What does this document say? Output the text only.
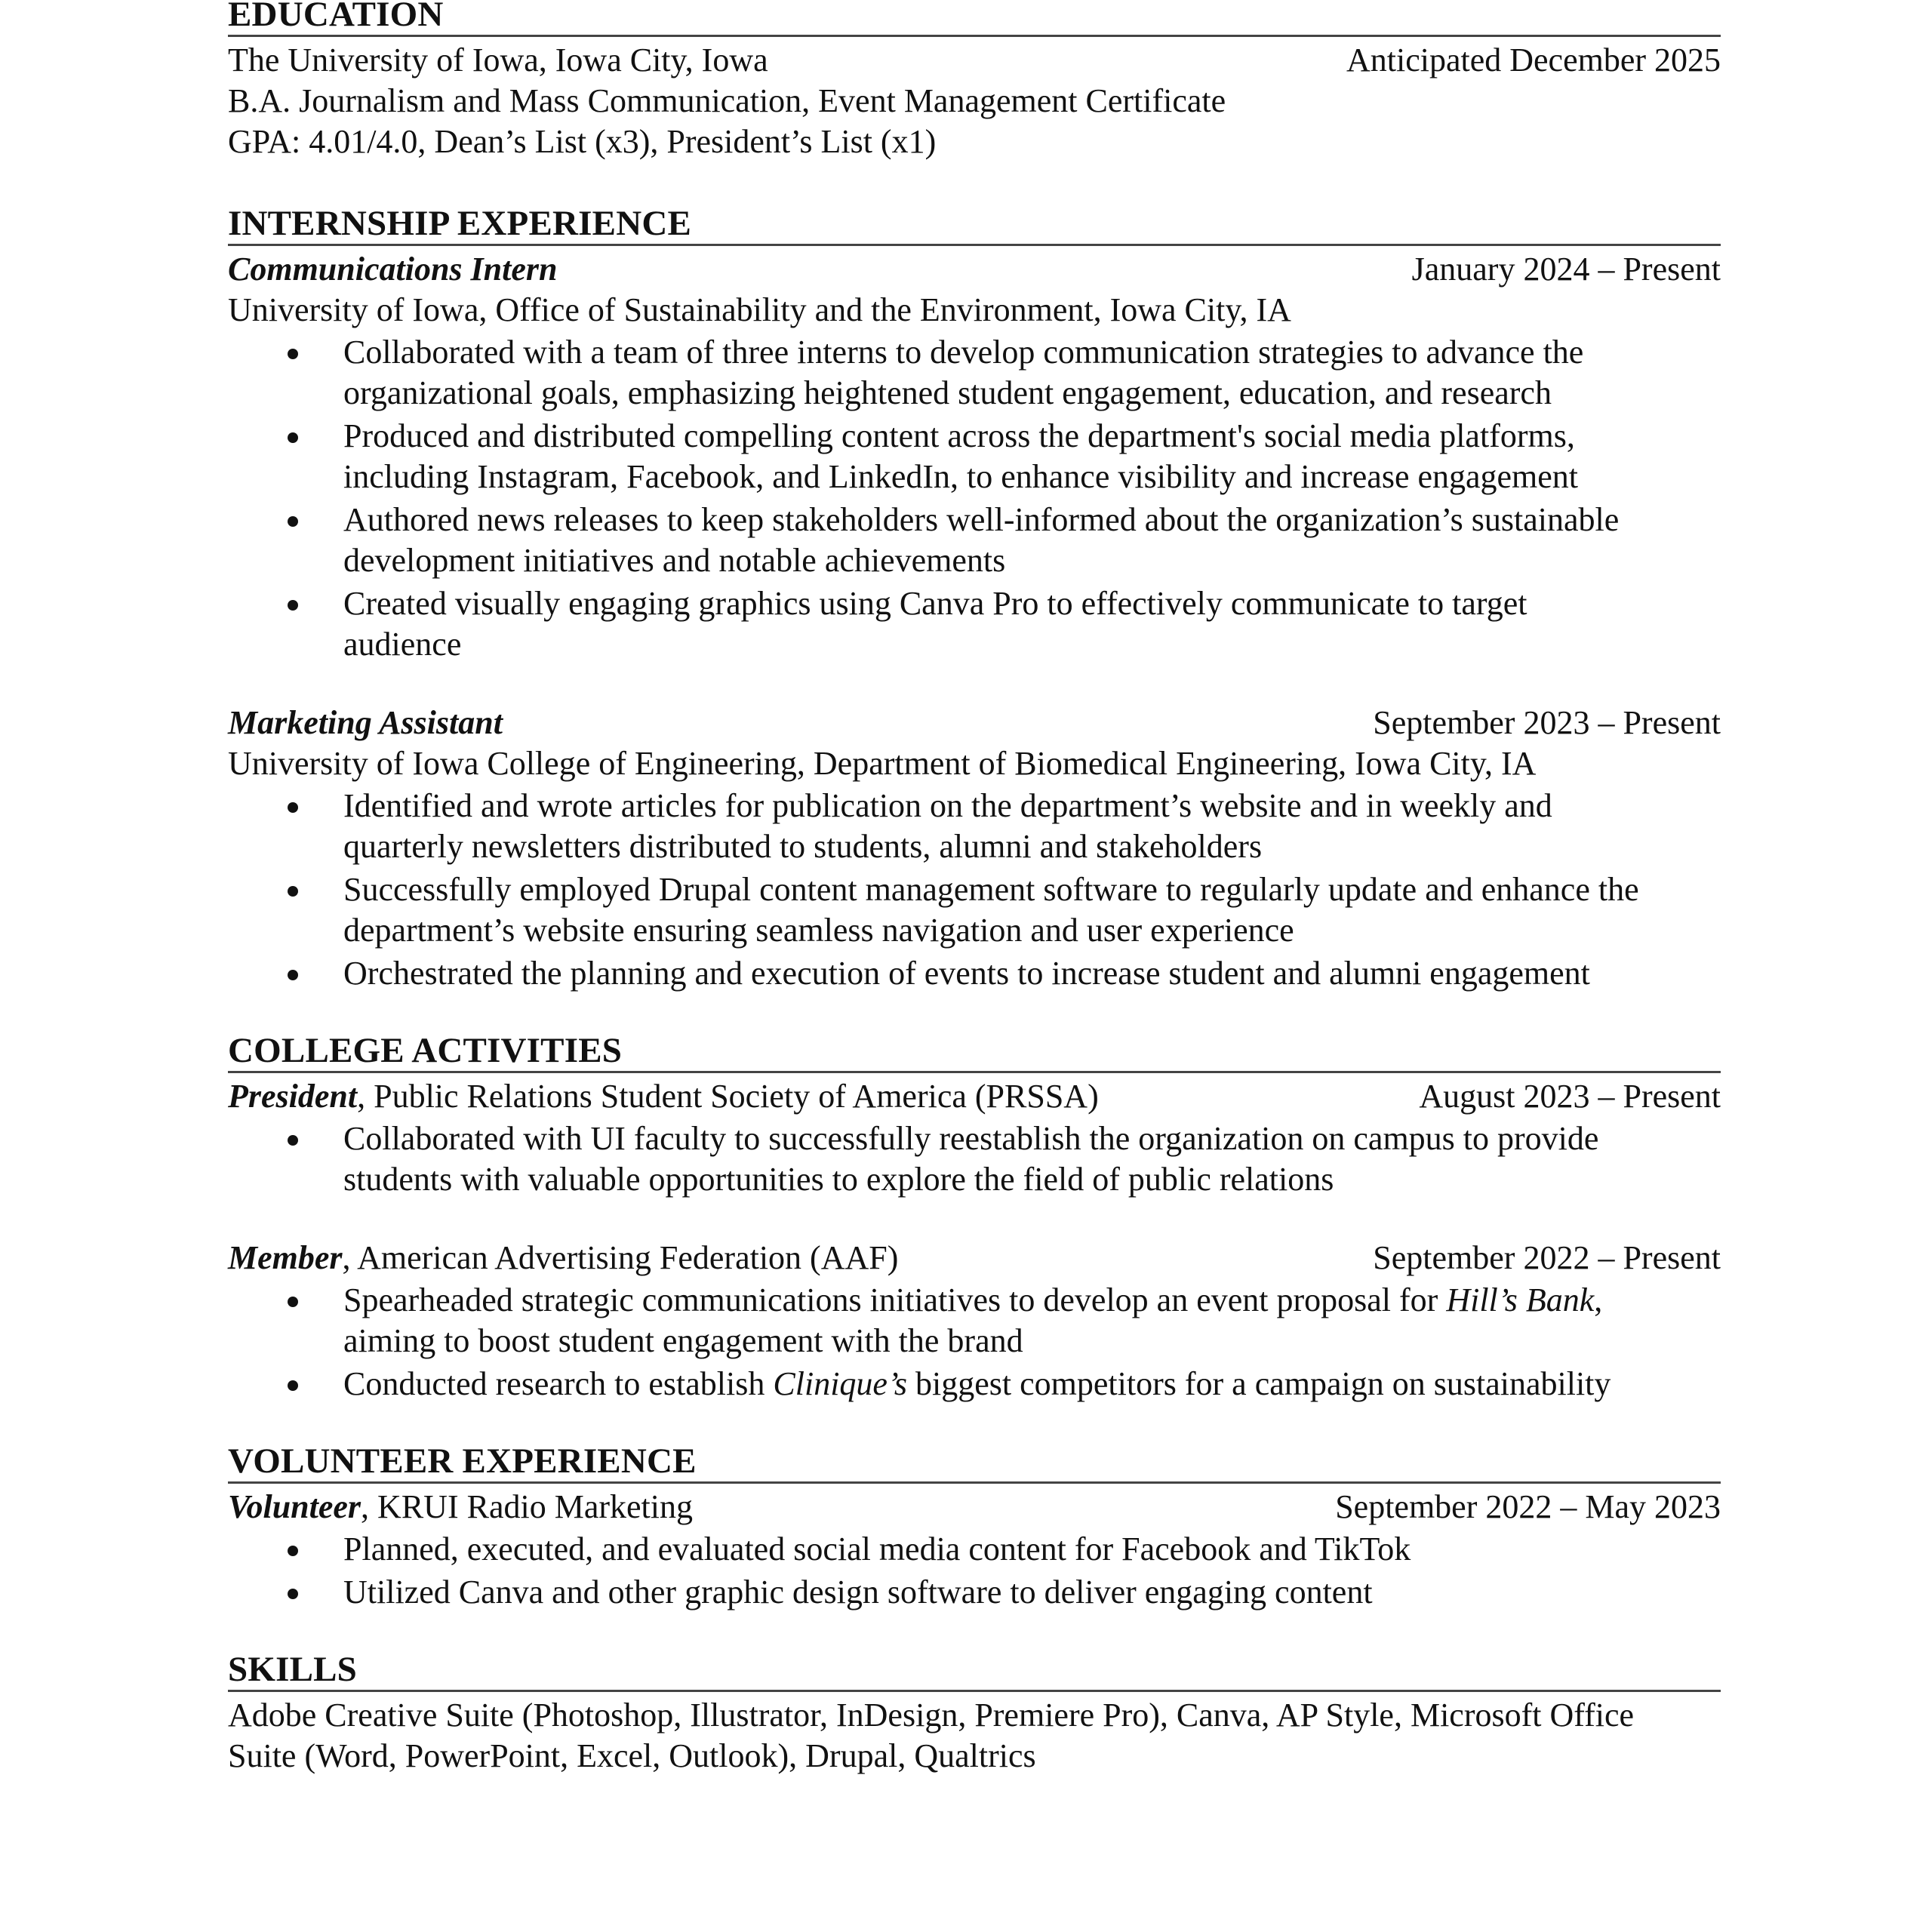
EDUCATION
The University of Iowa, Iowa City, Iowa	Anticipated December 2025
B.A. Journalism and Mass Communication, Event Management Certificate
GPA: 4.01/4.0, Dean’s List (x3), President’s List (x1)
INTERNSHIP EXPERIENCE
Communications Intern	January 2024 – Present
University of Iowa, Office of Sustainability and the Environment, Iowa City, IA
Collaborated with a team of three interns to develop communication strategies to advance the
organizational goals, emphasizing heightened student engagement, education, and research
Produced and distributed compelling content across the department's social media platforms,
including Instagram, Facebook, and LinkedIn, to enhance visibility and increase engagement
Authored news releases to keep stakeholders well-informed about the organization’s sustainable
development initiatives and notable achievements
Created visually engaging graphics using Canva Pro to effectively communicate to target
audience
Marketing Assistant	September 2023 – Present
University of Iowa College of Engineering, Department of Biomedical Engineering, Iowa City, IA
Identified and wrote articles for publication on the department’s website and in weekly and
quarterly newsletters distributed to students, alumni and stakeholders
Successfully employed Drupal content management software to regularly update and enhance the
department’s website ensuring seamless navigation and user experience
Orchestrated the planning and execution of events to increase student and alumni engagement
COLLEGE ACTIVITIES
President, Public Relations Student Society of America (PRSSA)	August 2023 – Present
Collaborated with UI faculty to successfully reestablish the organization on campus to provide
students with valuable opportunities to explore the field of public relations
Member, American Advertising Federation (AAF)	September 2022 – Present
Spearheaded strategic communications initiatives to develop an event proposal for Hill’s Bank,
aiming to boost student engagement with the brand
Conducted research to establish Clinique’s biggest competitors for a campaign on sustainability
VOLUNTEER EXPERIENCE
Volunteer, KRUI Radio Marketing	September 2022 – May 2023
Planned, executed, and evaluated social media content for Facebook and TikTok
Utilized Canva and other graphic design software to deliver engaging content
SKILLS
Adobe Creative Suite (Photoshop, Illustrator, InDesign, Premiere Pro), Canva, AP Style, Microsoft Office
Suite (Word, PowerPoint, Excel, Outlook), Drupal, Qualtrics
